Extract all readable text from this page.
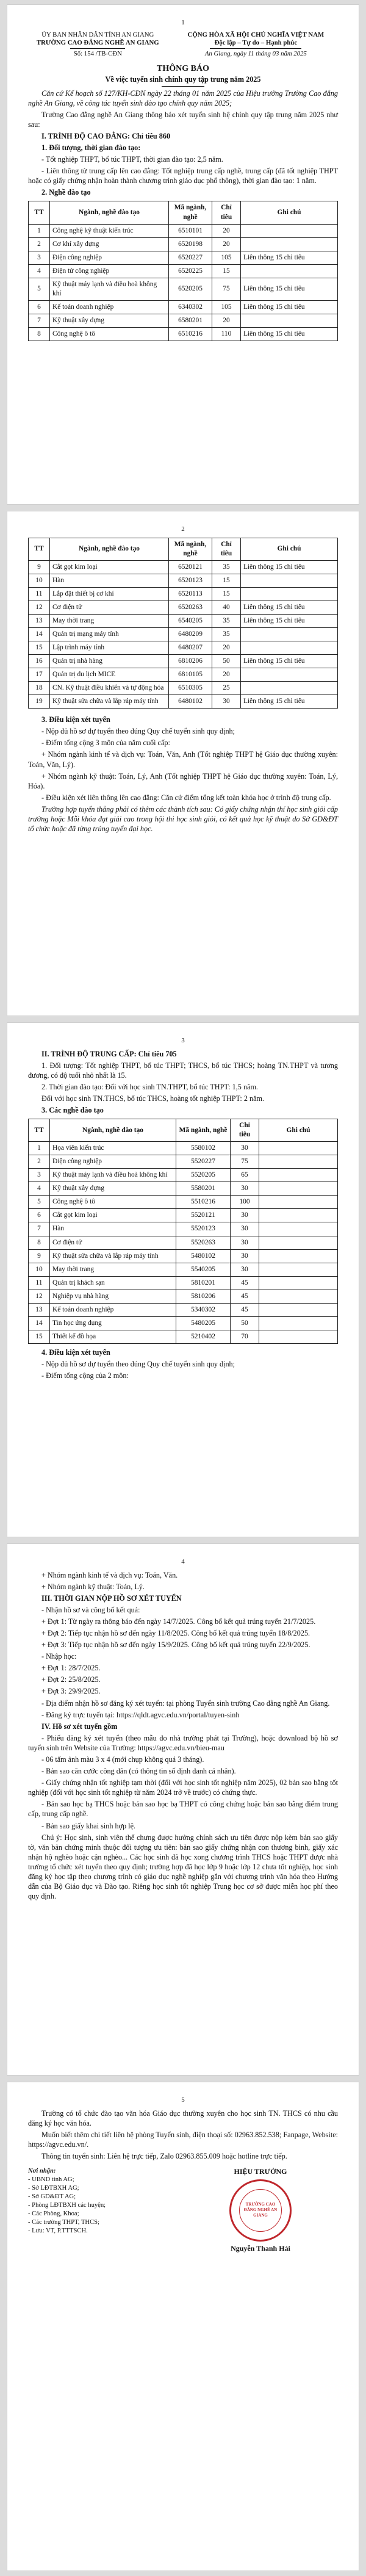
1
ỦY BAN NHÂN DÂN TỈNH AN GIANG
TRƯỜNG CAO ĐẲNG NGHỀ AN GIANG
Số: 154 /TB-CĐN
CỘNG HÒA XÃ HỘI CHỦ NGHĨA VIỆT NAM
Độc lập – Tự do – Hạnh phúc
An Giang, ngày 11 tháng 03 năm 2025
THÔNG BÁO
Về việc tuyển sinh chính quy tập trung năm 2025

Căn cứ Kế hoạch số 127/KH-CĐN ngày 22 tháng 01 năm 2025 của Hiệu trưởng Trường Cao đẳng nghề An Giang, về công tác tuyển sinh đào tạo chính quy năm 2025;

Trường Cao đẳng nghề An Giang thông báo xét tuyển sinh hệ chính quy tập trung năm 2025 như sau:

I. TRÌNH ĐỘ CAO ĐẲNG: Chỉ tiêu 860

1. Đối tượng, thời gian đào tạo:

- Tốt nghiệp THPT, bổ túc THPT, thời gian đào tạo: 2,5 năm.

- Liên thông từ trung cấp lên cao đẳng: Tốt nghiệp trung cấp nghề, trung cấp (đã tốt nghiệp THPT hoặc có giấy chứng nhận hoàn thành chương trình giáo dục phổ thông), thời gian đào tạo: 1 năm.

2. Nghề đào tạo

TT	Ngành, nghề đào tạo	Mã ngành, nghề	Chỉ tiêu	Ghi chú
1	Công nghệ kỹ thuật kiến trúc	6510101	20	
2	Cơ khí xây dựng	6520198	20	
3	Điện công nghiệp	6520227	105	Liên thông 15 chỉ tiêu
4	Điện tử công nghiệp	6520225	15	
5	Kỹ thuật máy lạnh và điều hoà không khí	6520205	75	Liên thông 15 chỉ tiêu
6	Kế toán doanh nghiệp	6340302	105	Liên thông 15 chỉ tiêu
7	Kỹ thuật xây dựng	6580201	20	
8	Công nghệ ô tô	6510216	110	Liên thông 15 chỉ tiêu
2
TT	Ngành, nghề đào tạo	Mã ngành, nghề	Chỉ tiêu	Ghi chú
9	Cắt gọt kim loại	6520121	35	Liên thông 15 chỉ tiêu
10	Hàn	6520123	15	
11	Lắp đặt thiết bị cơ khí	6520113	15	
12	Cơ điện tử	6520263	40	Liên thông 15 chỉ tiêu
13	May thời trang	6540205	35	Liên thông 15 chỉ tiêu
14	Quản trị mạng máy tính	6480209	35	
15	Lập trình máy tính	6480207	20	
16	Quản trị nhà hàng	6810206	50	Liên thông 15 chỉ tiêu
17	Quản trị du lịch MICE	6810105	20	
18	CN. Kỹ thuật điều khiển và tự động hóa	6510305	25	
19	Kỹ thuật sửa chữa và lắp ráp máy tính	6480102	30	Liên thông 15 chỉ tiêu

3. Điều kiện xét tuyển

- Nộp đủ hồ sơ dự tuyển theo đúng Quy chế tuyển sinh quy định;

- Điểm tổng cộng 3 môn của năm cuối cấp:

+ Nhóm ngành kinh tế và dịch vụ: Toán, Văn, Anh (Tốt nghiệp THPT hệ Giáo dục thường xuyên: Toán, Văn, Lý).

+ Nhóm ngành kỹ thuật: Toán, Lý, Anh (Tốt nghiệp THPT hệ Giáo dục thường xuyên: Toán, Lý, Hóa).

- Điều kiện xét liên thông lên cao đẳng: Căn cứ điểm tổng kết toàn khóa học ở trình độ trung cấp.

Trường hợp tuyển thẳng phải có thêm các thành tích sau: Có giấy chứng nhận thí học sinh giỏi cấp trường hoặc Mỗi khóa đạt giải cao trong hội thi học sinh giỏi, có kết quả học kỹ thuật do Sở GD&ĐT tổ chức hoặc đã từng trúng tuyển đại học.

3

II. TRÌNH ĐỘ TRUNG CẤP: Chỉ tiêu 705

1. Đối tượng: Tốt nghiệp THPT, bổ túc THPT; THCS, bổ túc THCS; hoàng TN.THPT và tương đương, có độ tuổi nhỏ nhất là 15.

2. Thời gian đào tạo: Đối với học sinh TN.THPT, bổ túc THPT: 1,5 năm.

Đối với học sinh TN.THCS, bổ túc THCS, hoàng tốt nghiệp THPT: 2 năm.

3. Các nghề đào tạo

TT	Ngành, nghề đào tạo	Mã ngành, nghề	Chỉ tiêu	Ghi chú
1	Họa viên kiến trúc	5580102	30	
2	Điện công nghiệp	5520227	75	
3	Kỹ thuật máy lạnh và điều hoà không khí	5520205	65	
4	Kỹ thuật xây dựng	5580201	30	
5	Công nghệ ô tô	5510216	100	
6	Cắt gọt kim loại	5520121	30	
7	Hàn	5520123	30	
8	Cơ điện tử	5520263	30	
9	Kỹ thuật sửa chữa và lắp ráp máy tính	5480102	30	
10	May thời trang	5540205	30	
11	Quản trị khách sạn	5810201	45	
12	Nghiệp vụ nhà hàng	5810206	45	
13	Kế toán doanh nghiệp	5340302	45	
14	Tin học ứng dụng	5480205	50	
15	Thiết kế đồ họa	5210402	70	

4. Điều kiện xét tuyển

- Nộp đủ hồ sơ dự tuyển theo đúng Quy chế tuyển sinh quy định;

- Điểm tổng cộng của 2 môn:

4

+ Nhóm ngành kinh tế và dịch vụ: Toán, Văn.

+ Nhóm ngành kỹ thuật: Toán, Lý.

III. THỜI GIAN NỘP HỒ SƠ XÉT TUYỂN

- Nhận hồ sơ và công bố kết quả:

+ Đợt 1: Từ ngày ra thông báo đến ngày 14/7/2025. Công bố kết quả trúng tuyển 21/7/2025.

+ Đợt 2: Tiếp tục nhận hồ sơ đến ngày 11/8/2025. Công bố kết quả trúng tuyển 18/8/2025.

+ Đợt 3: Tiếp tục nhận hồ sơ đến ngày 15/9/2025. Công bố kết quả trúng tuyển 22/9/2025.

- Nhập học:

+ Đợt 1: 28/7/2025.

+ Đợt 2: 25/8/2025.

+ Đợt 3: 29/9/2025.

- Địa điểm nhận hồ sơ đăng ký xét tuyển: tại phòng Tuyển sinh trường Cao đẳng nghề An Giang.

- Đăng ký trực tuyến tại: https://qldt.agvc.edu.vn/portal/tuyen-sinh

IV. Hồ sơ xét tuyển gồm

- Phiếu đăng ký xét tuyển (theo mẫu do nhà trường phát tại Trường), hoặc download bộ hồ sơ tuyển sinh trên Website của Trường: https://agvc.edu.vn/bieu-mau

- 06 tấm ảnh màu 3 x 4 (mới chụp không quá 3 tháng).

- Bản sao căn cước công dân (có thông tin số định danh cá nhân).

- Giấy chứng nhận tốt nghiệp tạm thời (đối với học sinh tốt nghiệp năm 2025), 02 bản sao bằng tốt nghiệp (đối với học sinh tốt nghiệp từ năm 2024 trở về trước) có chứng thực.

- Bản sao học bạ THCS hoặc bản sao học bạ THPT có công chứng hoặc bản sao bằng điểm trung cấp, trung cấp nghề.

- Bản sao giấy khai sinh hợp lệ.

Chú ý: Học sinh, sinh viên thể chưng được hưởng chính sách ưu tiên được nộp kèm bản sao giấy tờ, văn bản chứng minh thuộc đối tượng ưu tiên: bản sao giấy chứng nhận con thương binh, giấy xác nhận hộ nghèo hoặc cận nghèo... Các học sinh đã học xong chương trình THCS hoặc THPT được nhà trường tổ chức xét tuyển theo quy định; trường hợp đã học lớp 9 hoặc lớp 12 chưa tốt nghiệp, học sinh đăng ký học tập theo chương trình có giáo dục nghề nghiệp gắn với chương trình văn hóa theo Hướng dẫn của Bộ Giáo dục và Đào tạo. Riêng học sinh tốt nghiệp Trung học cơ sở được miễn học phí theo quy định.

5

Trường có tổ chức đào tạo văn hóa Giáo dục thường xuyên cho học sinh TN. THCS có nhu cầu đăng ký học văn hóa.

Muốn biết thêm chi tiết liên hệ phòng Tuyển sinh, điện thoại số: 02963.852.538; Fanpage, Website: https://agvc.edu.vn/.

Thông tin tuyển sinh: Liên hệ trực tiếp, Zalo 02963.855.009 hoặc hotline trực tiếp.

Nơi nhận:
- UBND tỉnh AG;
- Sở LĐTBXH AG;
- Sở GD&ĐT AG;
- Phòng LĐTBXH các huyện;
- Các Phòng, Khoa;
- Các trường THPT, THCS;
- Lưu: VT, P.TTTSCH.
HIỆU TRƯỞNG
TRƯỜNG CAO ĐẲNG NGHỀ AN GIANG
Nguyễn Thanh Hải
